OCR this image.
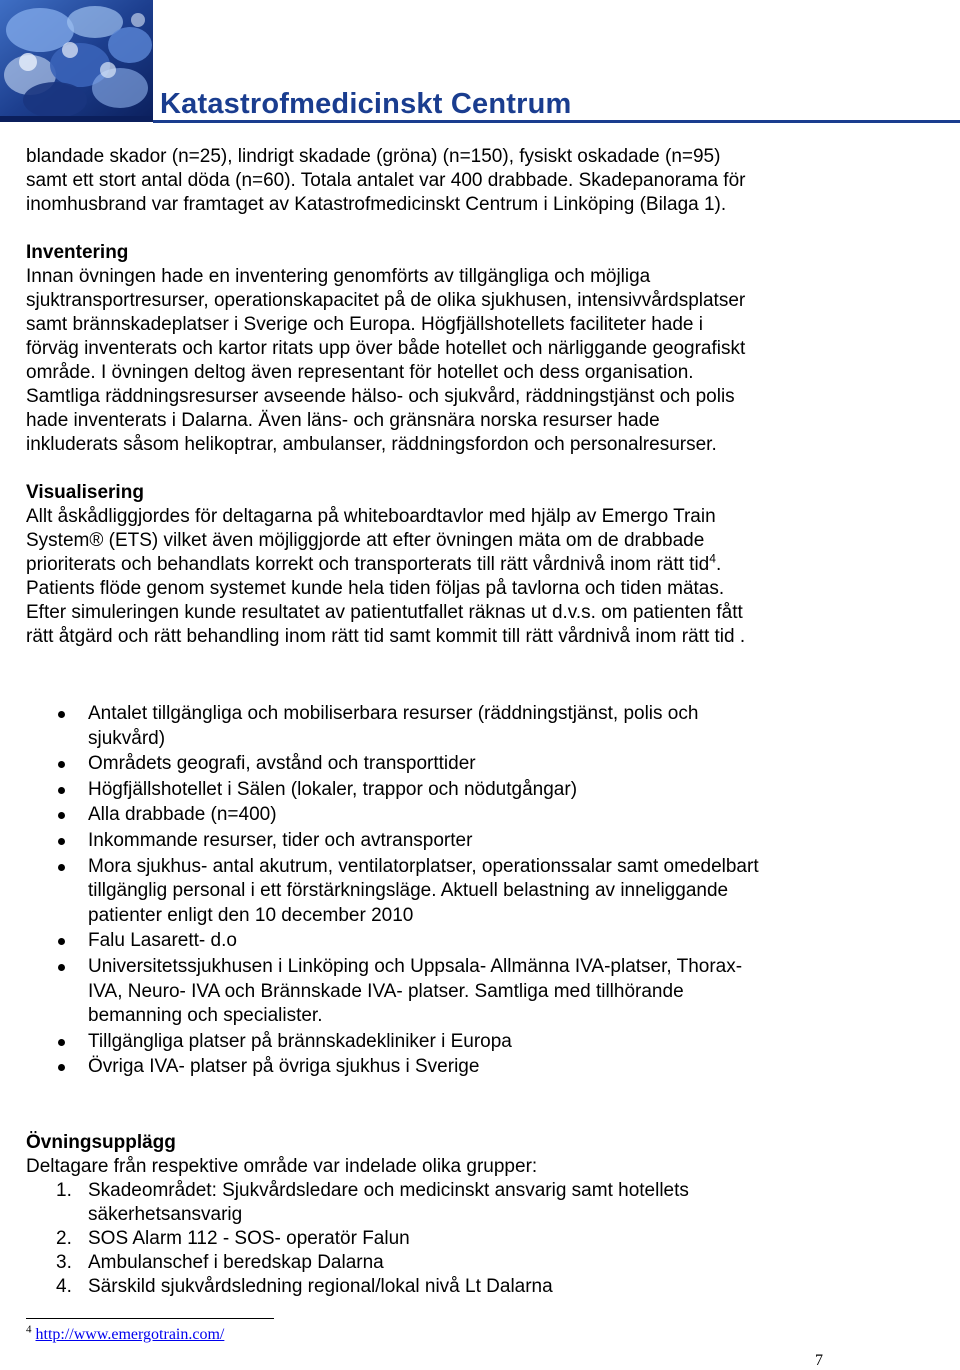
Katastrofmedicinskt Centrum
blandade skador (n=25), lindrigt skadade (gröna) (n=150), fysiskt oskadade (n=95)
samt ett stort antal döda (n=60). Totala antalet var 400 drabbade. Skadepanorama för
inomhusbrand var framtaget av Katastrofmedicinskt Centrum i Linköping (Bilaga 1).
Inventering
Innan övningen hade en inventering genomförts av tillgängliga och möjliga
sjuktransportresurser, operationskapacitet på de olika sjukhusen, intensivvårdsplatser
samt brännskadeplatser i Sverige och Europa. Högfjällshotellets faciliteter hade i
förväg inventerats och kartor ritats upp över både hotellet och närliggande geografiskt
område. I övningen deltog även representant för hotellet och dess organisation.
Samtliga räddningsresurser avseende hälso- och sjukvård, räddningstjänst och polis
hade inventerats i Dalarna. Även läns- och gränsnära norska resurser hade
inkluderats såsom helikoptrar, ambulanser, räddningsfordon och personalresurser.
Visualisering
Allt åskådliggjordes för deltagarna på whiteboardtavlor med hjälp av Emergo Train
System® (ETS) vilket även möjliggjorde att efter övningen mäta om de drabbade
prioriterats och behandlats korrekt och transporterats till rätt vårdnivå inom rätt tid$^4$.
Patients flöde genom systemet kunde hela tiden följas på tavlorna och tiden mätas.
Efter simuleringen kunde resultatet av patientutfallet räknas ut d.v.s. om patienten fått
rätt åtgärd och rätt behandling inom rätt tid samt kommit till rätt vårdnivå inom rätt tid .
Antalet tillgängliga och mobiliserbara resurser (räddningstjänst, polis och
sjukvård)
Områdets geografi, avstånd och transporttider
Högfjällshotellet i Sälen (lokaler, trappor och nödutgångar)
Alla drabbade (n=400)
Inkommande resurser, tider och avtransporter
Mora sjukhus- antal akutrum, ventilatorplatser, operationssalar samt omedelbart
tillgänglig personal i ett förstärkningsläge. Aktuell belastning av inneliggande
patienter enligt den 10 december 2010
Falu Lasarett- d.o
Universitetssjukhusen i Linköping och Uppsala- Allmänna IVA-platser, Thorax-
IVA, Neuro- IVA och Brännskade IVA- platser. Samtliga med tillhörande
bemanning och specialister.
Tillgängliga platser på brännskadekliniker i Europa
Övriga IVA- platser på övriga sjukhus i Sverige
Övningsupplägg
Deltagare från respektive område var indelade olika grupper:
1. Skadeområdet: Sjukvårdsledare och medicinskt ansvarig samt hotellets
säkerhetsansvarig
2. SOS Alarm 112 - SOS- operatör Falun
3. Ambulanschef i beredskap Dalarna
4. Särskild sjukvårdsledning regional/lokal nivå Lt Dalarna
$^4$ http://www.emergotrain.com/
7
